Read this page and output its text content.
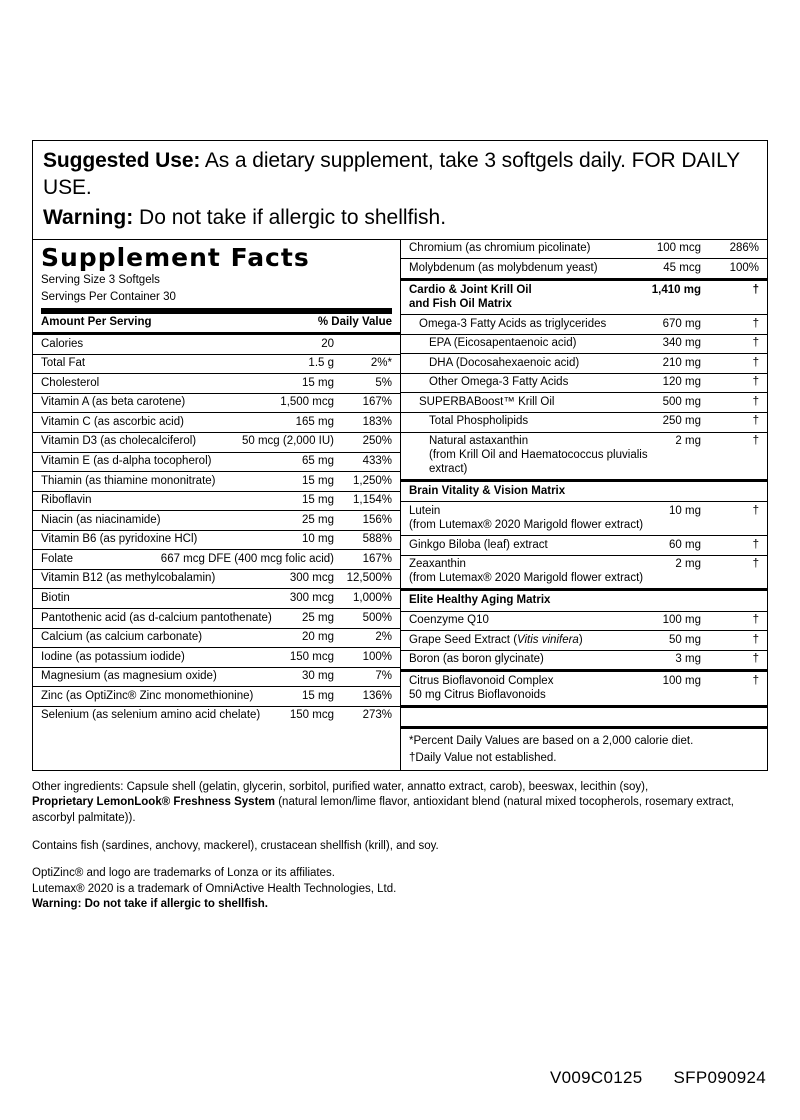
Suggested Use: As a dietary supplement, take 3 softgels daily. FOR DAILY USE.
Warning: Do not take if allergic to shellfish.
Supplement Facts
Serving Size 3 Softgels
Servings Per Container 30
Amount Per Serving	% Daily Value
Calories	20
Total Fat	1.5 g	2%*
Cholesterol	15 mg	5%
Vitamin A (as beta carotene)	1,500 mcg	167%
Vitamin C (as ascorbic acid)	165 mg	183%
Vitamin D3 (as cholecalciferol)	50 mcg (2,000 IU)	250%
Vitamin E (as d-alpha tocopherol)	65 mg	433%
Thiamin (as thiamine mononitrate)	15 mg	1,250%
Riboflavin	15 mg	1,154%
Niacin (as niacinamide)	25 mg	156%
Vitamin B6 (as pyridoxine HCl)	10 mg	588%
Folate	667 mcg DFE (400 mcg folic acid)	167%
Vitamin B12 (as methylcobalamin)	300 mcg	12,500%
Biotin	300 mcg	1,000%
Pantothenic acid (as d-calcium pantothenate)	25 mg	500%
Calcium (as calcium carbonate)	20 mg	2%
Iodine (as potassium iodide)	150 mcg	100%
Magnesium (as magnesium oxide)	30 mg	7%
Zinc (as OptiZinc® Zinc monomethionine)	15 mg	136%
Selenium (as selenium amino acid chelate)	150 mcg	273%
Chromium (as chromium picolinate)	100 mcg	286%
Molybdenum (as molybdenum yeast)	45 mcg	100%
Cardio & Joint Krill Oil
and Fish Oil Matrix
1,410 mg	†
Omega-3 Fatty Acids as triglycerides	670 mg	†
EPA (Eicosapentaenoic acid)	340 mg	†
DHA (Docosahexaenoic acid)	210 mg	†
Other Omega-3 Fatty Acids	120 mg	†
SUPERBABoost™ Krill Oil	500 mg	†
Total Phospholipids	250 mg	†
Natural astaxanthin
(from Krill Oil and Haematococcus pluvialis extract)
2 mg	†
Brain Vitality & Vision Matrix
Lutein
(from Lutemax® 2020 Marigold flower extract)
10 mg	†
Ginkgo Biloba (leaf) extract	60 mg	†
Zeaxanthin
(from Lutemax® 2020 Marigold flower extract)
2 mg	†
Elite Healthy Aging Matrix
Coenzyme Q10	100 mg	†
Grape Seed Extract (Vitis vinifera)	50 mg	†
Boron (as boron glycinate)	3 mg	†
Citrus Bioflavonoid Complex
50 mg Citrus Bioflavonoids
100 mg	†
*Percent Daily Values are based on a 2,000 calorie diet.
†Daily Value not established.

Other ingredients: Capsule shell (gelatin, glycerin, sorbitol, purified water, annatto extract, carob), beeswax, lecithin (soy),

Proprietary LemonLook® Freshness System (natural lemon/lime flavor, antioxidant blend (natural mixed tocopherols, rosemary extract, ascorbyl palmitate)).

Contains fish (sardines, anchovy, mackerel), crustacean shellfish (krill), and soy.

OptiZinc® and logo are trademarks of Lonza or its affiliates.

Lutemax® 2020 is a trademark of OmniActive Health Technologies, Ltd.

Warning: Do not take if allergic to shellfish.

V009C0125 SFP090924
